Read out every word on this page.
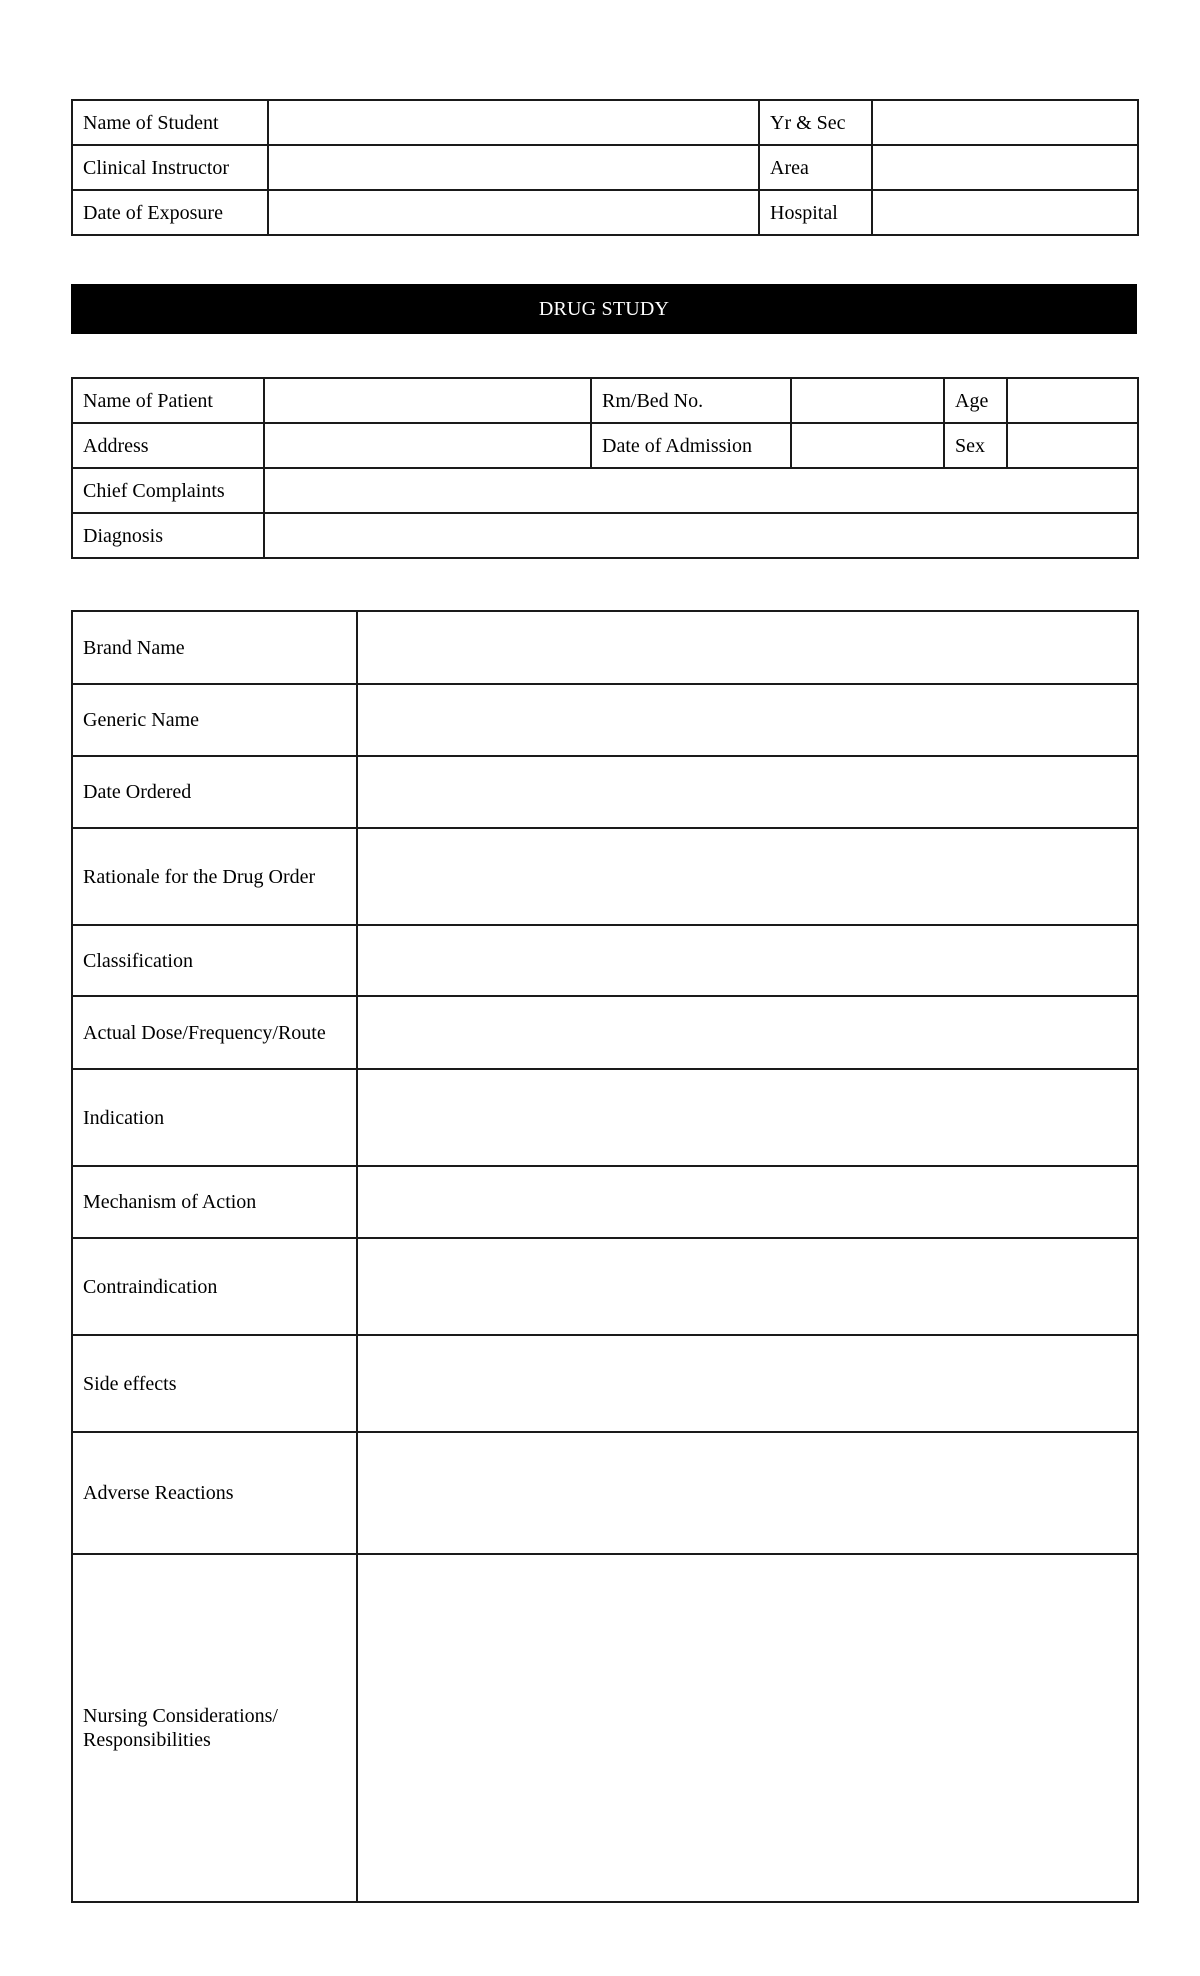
Name of Student		Yr & Sec	

Clinical Instructor		Area	

Date of Exposure		Hospital	
DRUG STUDY
Name of Patient		Rm/Bed No.		Age	

Address		Date of Admission		Sex	

Chief Complaints					

Diagnosis					
Brand Name	

Generic Name	

Date Ordered	

Rationale for the Drug Order	

Classification	

Actual Dose/Frequency/Route	

Indication	

Mechanism of Action	

Contraindication	

Side effects	

Adverse Reactions	

Nursing Considerations/ Responsibilities	
